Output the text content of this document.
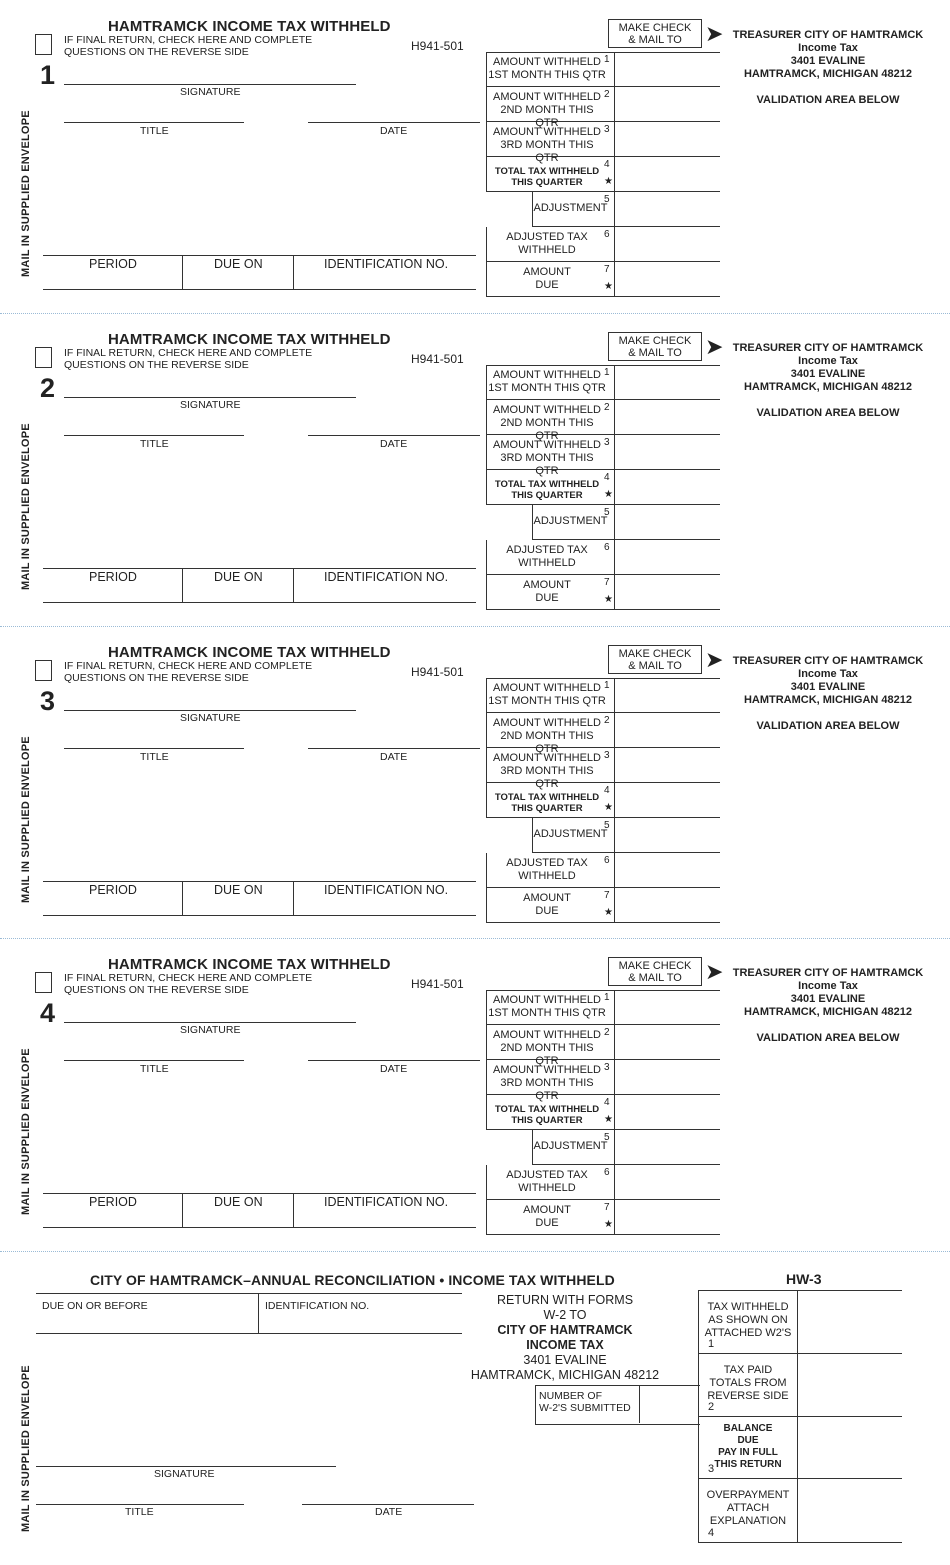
MAIL IN SUPPLIED ENVELOPE
HAMTRAMCK INCOME TAX WITHHELD
IF FINAL RETURN, CHECK HERE AND COMPLETE
QUESTIONS ON THE REVERSE SIDE	H941-501
1
SIGNATURE
TITLE	DATE
PERIOD	DUE ON	IDENTIFICATION NO.
MAKE CHECK
& MAIL TO	➤ TREASURER CITY OF HAMTRAMCK
Income Tax
3401 EVALINE
HAMTRAMCK, MICHIGAN 48212
VALIDATION AREA BELOW
AMOUNT WITHHELD
1ST MONTH THIS QTR
1
AMOUNT WITHHELD
2ND MONTH THIS QTR
2
AMOUNT WITHHELD
3RD MONTH THIS QTR
3
TOTAL TAX WITHHELD
THIS QUARTER
4
★
ADJUSTMENT
5
ADJUSTED TAX
WITHHELD
6
AMOUNT
DUE
7
★
MAIL IN SUPPLIED ENVELOPE
HAMTRAMCK INCOME TAX WITHHELD
IF FINAL RETURN, CHECK HERE AND COMPLETE
QUESTIONS ON THE REVERSE SIDE	H941-501
2
SIGNATURE
TITLE	DATE
PERIOD	DUE ON	IDENTIFICATION NO.
MAKE CHECK
& MAIL TO	➤ TREASURER CITY OF HAMTRAMCK
Income Tax
3401 EVALINE
HAMTRAMCK, MICHIGAN 48212
VALIDATION AREA BELOW
AMOUNT WITHHELD
1ST MONTH THIS QTR
1
AMOUNT WITHHELD
2ND MONTH THIS QTR
2
AMOUNT WITHHELD
3RD MONTH THIS QTR
3
TOTAL TAX WITHHELD
THIS QUARTER
4
★
ADJUSTMENT
5
ADJUSTED TAX
WITHHELD
6
AMOUNT
DUE
7
★
MAIL IN SUPPLIED ENVELOPE
HAMTRAMCK INCOME TAX WITHHELD
IF FINAL RETURN, CHECK HERE AND COMPLETE
QUESTIONS ON THE REVERSE SIDE	H941-501
3
SIGNATURE
TITLE	DATE
PERIOD	DUE ON	IDENTIFICATION NO.
MAKE CHECK
& MAIL TO	➤ TREASURER CITY OF HAMTRAMCK
Income Tax
3401 EVALINE
HAMTRAMCK, MICHIGAN 48212
VALIDATION AREA BELOW
AMOUNT WITHHELD
1ST MONTH THIS QTR
1
AMOUNT WITHHELD
2ND MONTH THIS QTR
2
AMOUNT WITHHELD
3RD MONTH THIS QTR
3
TOTAL TAX WITHHELD
THIS QUARTER
4
★
ADJUSTMENT
5
ADJUSTED TAX
WITHHELD
6
AMOUNT
DUE
7
★
MAIL IN SUPPLIED ENVELOPE
HAMTRAMCK INCOME TAX WITHHELD
IF FINAL RETURN, CHECK HERE AND COMPLETE
QUESTIONS ON THE REVERSE SIDE	H941-501
4
SIGNATURE
TITLE	DATE
PERIOD	DUE ON	IDENTIFICATION NO.
MAKE CHECK
& MAIL TO	➤ TREASURER CITY OF HAMTRAMCK
Income Tax
3401 EVALINE
HAMTRAMCK, MICHIGAN 48212
VALIDATION AREA BELOW
AMOUNT WITHHELD
1ST MONTH THIS QTR
1
AMOUNT WITHHELD
2ND MONTH THIS QTR
2
AMOUNT WITHHELD
3RD MONTH THIS QTR
3
TOTAL TAX WITHHELD
THIS QUARTER
4
★
ADJUSTMENT
5
ADJUSTED TAX
WITHHELD
6
AMOUNT
DUE
7
★
MAIL IN SUPPLIED ENVELOPE
CITY OF HAMTRAMCK–ANNUAL RECONCILIATION • INCOME TAX WITHHELD	HW-3
DUE ON OR BEFORE	IDENTIFICATION NO.
SIGNATURE
TITLE	DATE
RETURN WITH FORMS
W-2 TO
CITY OF HAMTRAMCK
INCOME TAX
3401 EVALINE
HAMTRAMCK, MICHIGAN 48212
NUMBER OF
W-2'S SUBMITTED
TAX WITHHELD
AS SHOWN ON
ATTACHED W2'S
1
TAX PAID
TOTALS FROM
REVERSE SIDE
2
BALANCE
DUE
PAY IN FULL
THIS RETURN
3
OVERPAYMENT
ATTACH
EXPLANATION
4
